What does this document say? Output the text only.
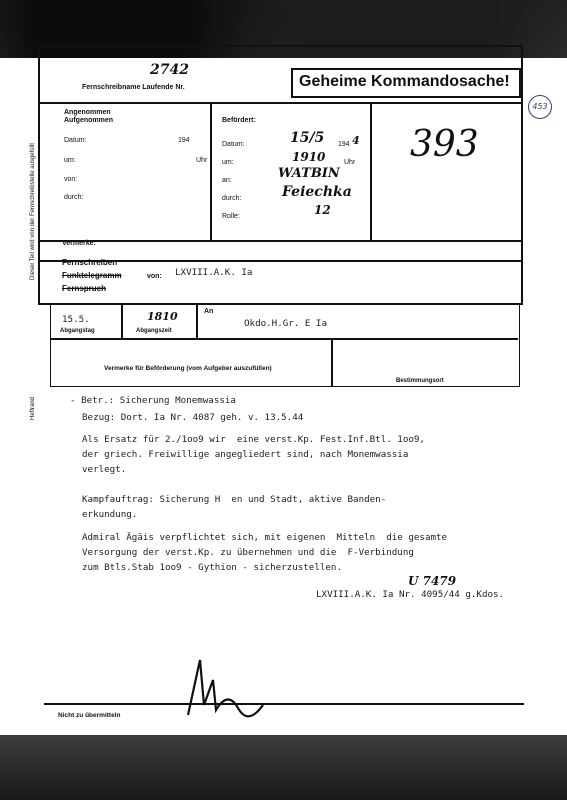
2742
Fernschreibname Laufende Nr.	Geheime Kommandosache!
453
Dieser Teil wird von der Fernschreibstelle ausgefüllt
Angenommen
Aufgenommen
Datum:	194
um:	Uhr
von:
durch:
Befördert:
Datum:	15/5 194 4
um:	1910	Uhr
an:	WATBIN
durch:	Feiechka
Rolle:	12
393
Vermerke:
Fernschreiben
Funktelegramm	von: LXVIII.A.K. Ia
Fernspruch
15.5.
Abgangstag
1810
Abgangszeit
An
Okdo.H.Gr. E Ia
Vermerke für Beförderung (vom Aufgeber auszufüllen)
Bestimmungsort
Heftrand	- Betr.: Sicherung Monemwassia
Bezug: Dort. Ia Nr. 4087 geh. v. 13.5.44
Als Ersatz für 2./1oo9 wir  eine verst.Kp. Fest.Inf.Btl. 1oo9,
der griech. Freiwillige angegliedert sind, nach Monemwassia
verlegt.
Kampfauftrag: Sicherung H  en und Stadt, aktive Banden-
erkundung.
Admiral Ägäis verpflichtet sich, mit eigenen  Mitteln  die gesamte
Versorgung der verst.Kp. zu übernehmen und die  F-Verbindung
zum Btls.Stab 1oo9 - Gythion - sicherzustellen.
U 7479
LXVIII.A.K. Ia Nr. 4095/44 g.Kdos.
Nicht zu übermitteln
